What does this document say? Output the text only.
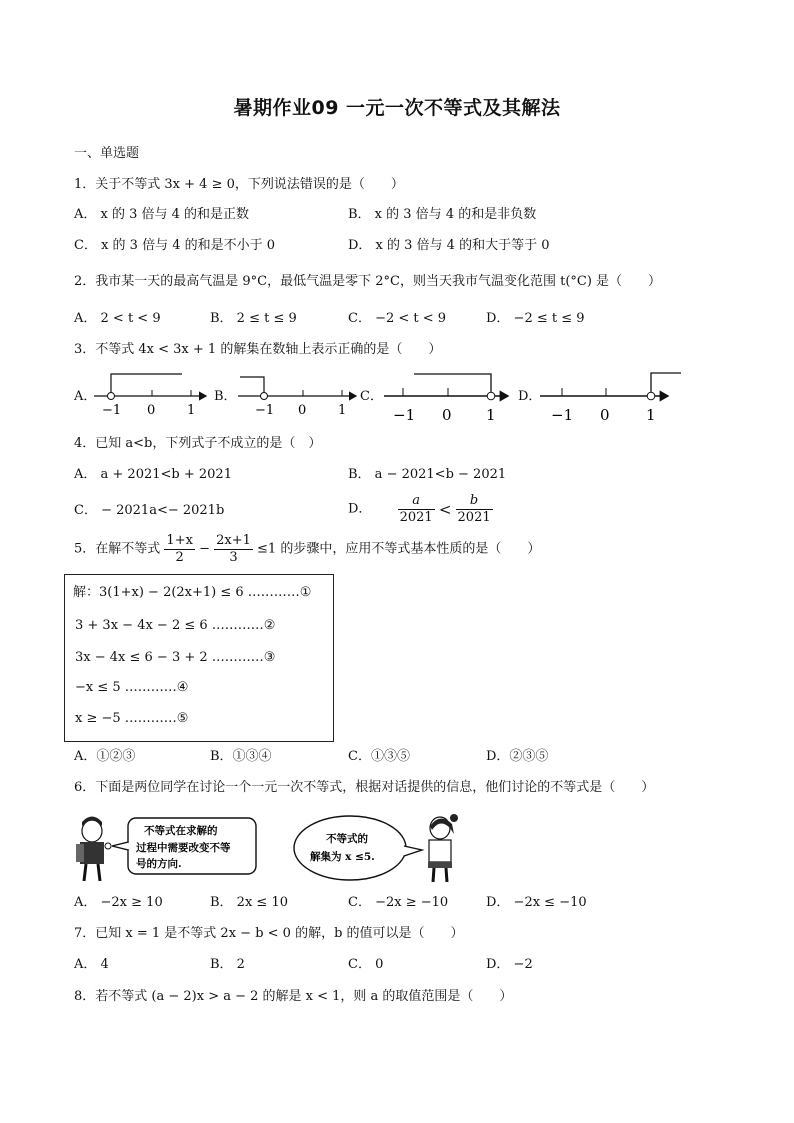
暑期作业09 一元一次不等式及其解法
一、单选题
1．关于不等式 3x + 4 ≥ 0，下列说法错误的是（　　）
A． x 的 3 倍与 4 的和是正数	B． x 的 3 倍与 4 的和是非负数
C． x 的 3 倍与 4 的和是不小于 0	D． x 的 3 倍与 4 的和大于等于 0
2．我市某一天的最高气温是 9°C，最低气温是零下 2°C，则当天我市气温变化范围 t(°C) 是（　　）
A． 2 < t < 9	B． 2 ≤ t ≤ 9	C． −2 < t < 9	D． −2 ≤ t ≤ 9
3．不等式 4x < 3x + 1 的解集在数轴上表示正确的是（　　）
A．	B．	C．	D．
−1 0 1	−1 0 1	−1 0 1	−1 0 1
4．已知 a<b，下列式子不成立的是（　）
A． a + 2021<b + 2021	B． a − 2021<b − 2021
C． − 2021a<− 2021b	D． $\frac{a}{2021} < \frac{b}{2021}$
5．在解不等式 $\frac{1+x}{2} - \frac{2x+1}{3} \le 1$ 的步骤中，应用不等式基本性质的是（　　）
解：3(1+x) − 2(2x+1) ≤ 6 …………①
3 + 3x − 4x − 2 ≤ 6 …………②
3x − 4x ≤ 6 − 3 + 2 …………③
−x ≤ 5 …………④
x ≥ −5 …………⑤
A．①②③	B．①③④	C．①③⑤	D．②③⑤
6．下面是两位同学在讨论一个一元一次不等式，根据对话提供的信息，他们讨论的不等式是（　　）
不等式在求解的
过程中需要改变不等
号的方向.
不等式的
解集为 x ≤5.
A． −2x ≥ 10	B． 2x ≤ 10	C． −2x ≥ −10	D． −2x ≤ −10
7．已知 x = 1 是不等式 2x − b < 0 的解，b 的值可以是（　　）
A． 4	B． 2	C． 0	D． −2
8．若不等式 (a − 2)x > a − 2 的解是 x < 1，则 a 的取值范围是（　　）
